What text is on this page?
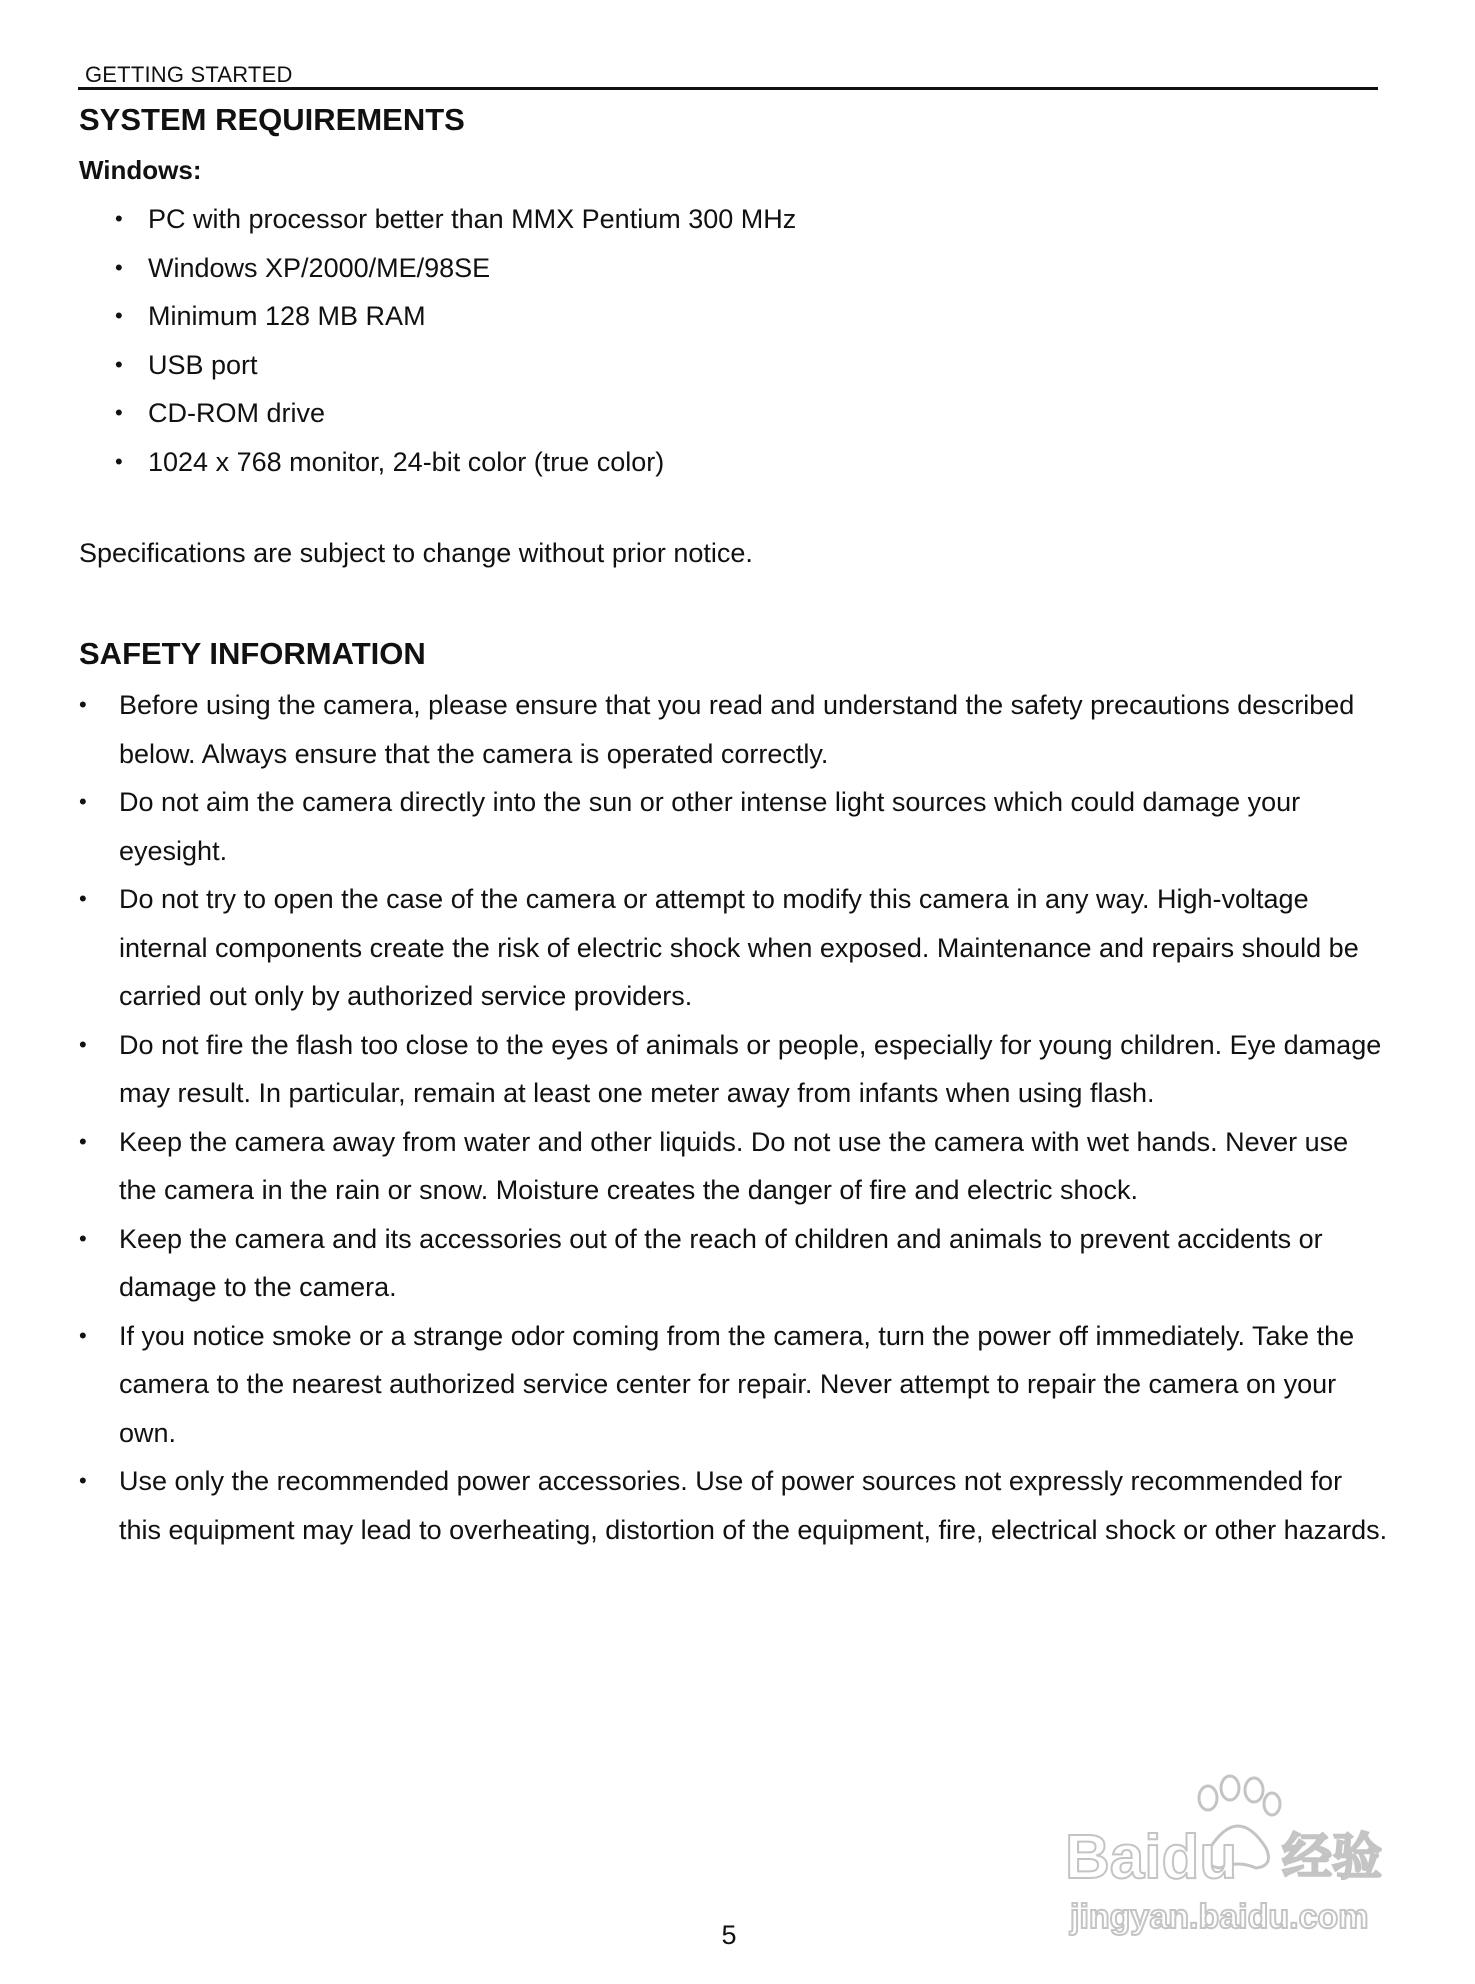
GETTING STARTED
SYSTEM REQUIREMENTS
Windows:
• PC with processor better than MMX Pentium 300 MHz
• Windows XP/2000/ME/98SE
• Minimum 128 MB RAM
• USB port
• CD-ROM drive
• 1024 x 768 monitor, 24-bit color (true color)

Specifications are subject to change without prior notice.

SAFETY INFORMATION
• Before using the camera, please ensure that you read and understand the safety precautions described below. Always ensure that the camera is operated correctly.
• Do not aim the camera directly into the sun or other intense light sources which could damage your eyesight.
• Do not try to open the case of the camera or attempt to modify this camera in any way. High-voltage internal components create the risk of electric shock when exposed. Maintenance and repairs should be carried out only by authorized service providers.
• Do not fire the flash too close to the eyes of animals or people, especially for young children. Eye damage may result. In particular, remain at least one meter away from infants when using flash.
• Keep the camera away from water and other liquids. Do not use the camera with wet hands. Never use the camera in the rain or snow. Moisture creates the danger of fire and electric shock.
• Keep the camera and its accessories out of the reach of children and animals to prevent accidents or damage to the camera.
• If you notice smoke or a strange odor coming from the camera, turn the power off immediately. Take the camera to the nearest authorized service center for repair. Never attempt to repair the camera on your own.
• Use only the recommended power accessories. Use of power sources not expressly recommended for this equipment may lead to overheating, distortion of the equipment, fire, electrical shock or other hazards.
Baidu 经验
jingyan.baidu.com
5
